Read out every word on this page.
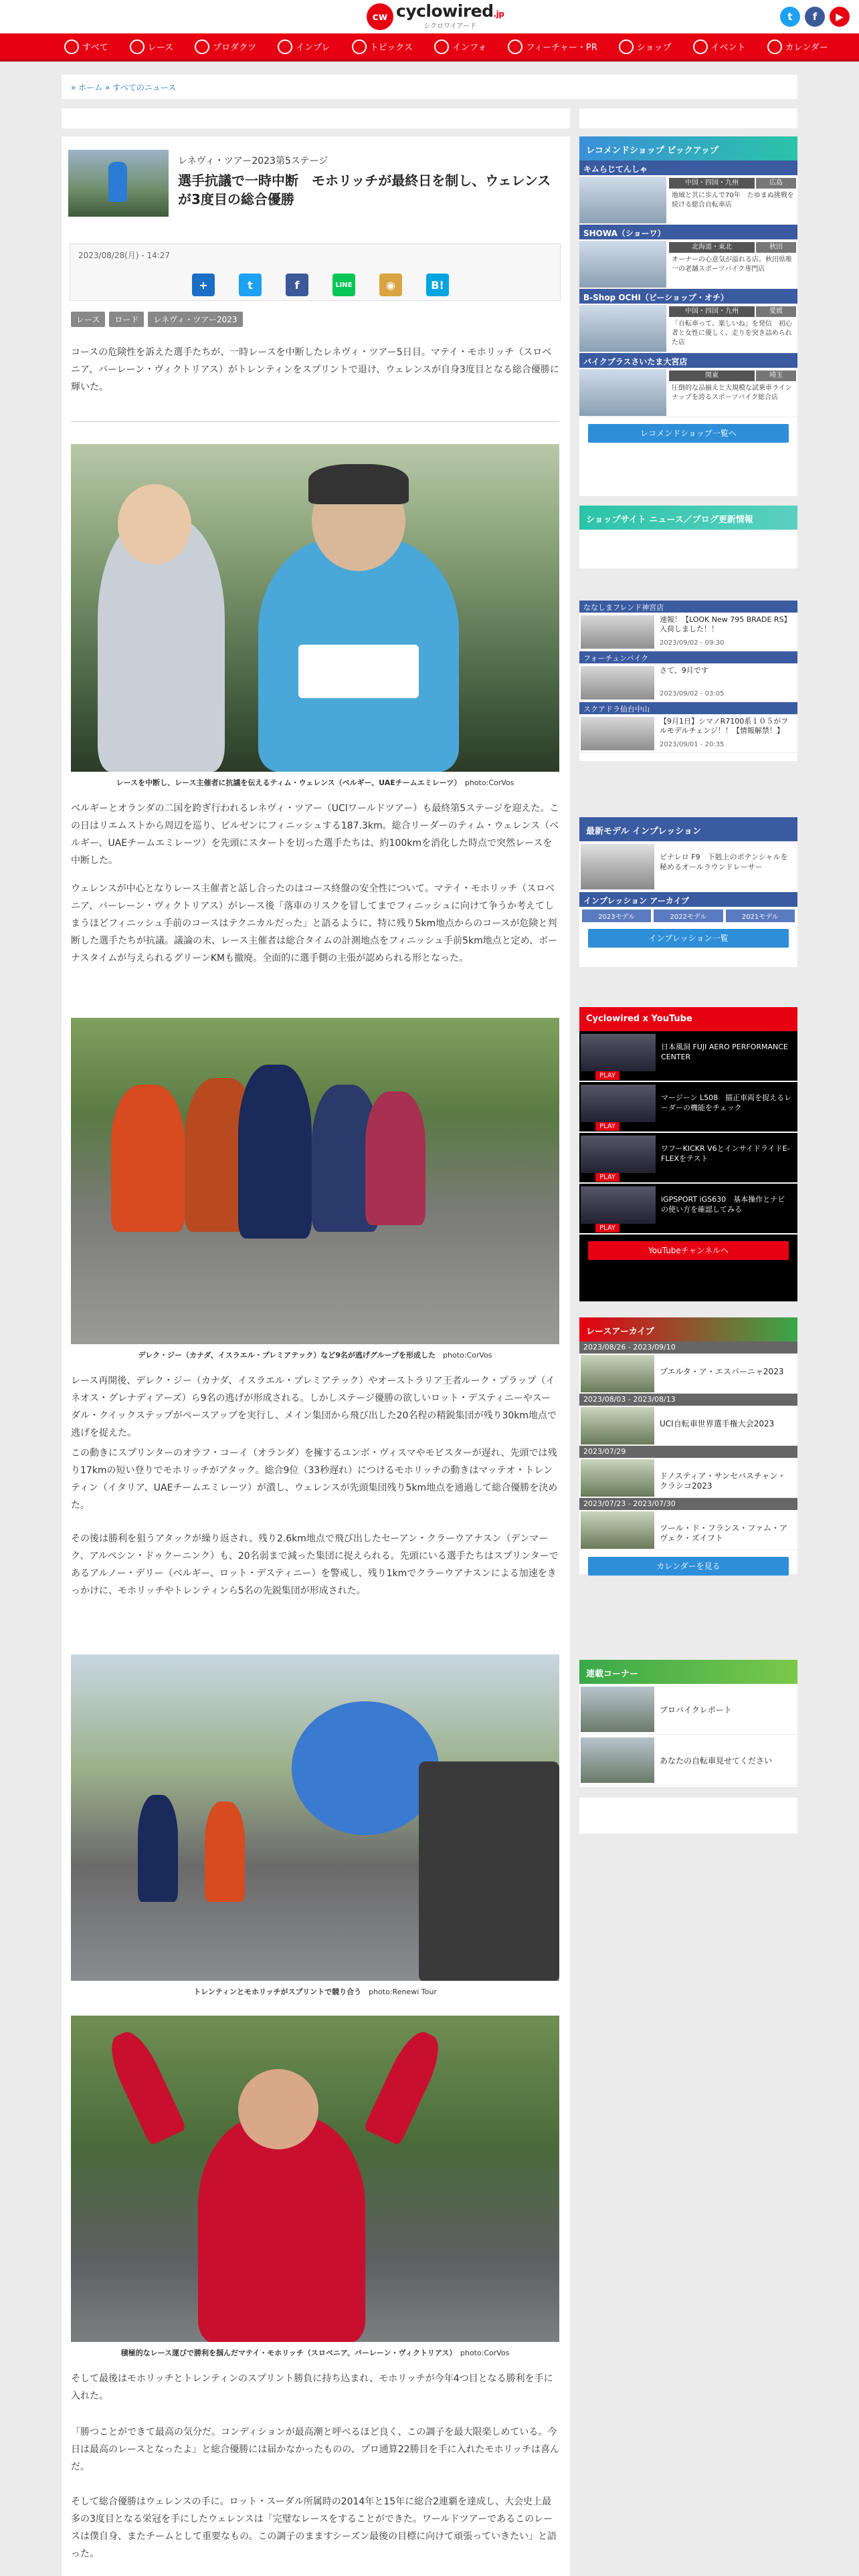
cw cyclowired.jp
シクロワイアード
t	f	▶
すべて	レース	プロダクツ	インプレ	トピックス	インフォ	フィーチャー・PR	ショップ	イベント	カレンダー
» ホーム » すべてのニュース
レネヴィ・ツアー2023第5ステージ
選手抗議で一時中断　モホリッチが最終日を制し、ウェレンスが3度目の総合優勝
2023/08/28(月) - 14:27
+	t	f	LINE	◉	B!
レース	ロード	レネヴィ・ツアー2023
コースの危険性を訴えた選手たちが、一時レースを中断したレネヴィ・ツアー5日目。マテイ・モホリッチ（スロベニア、バーレーン・ヴィクトリアス）がトレンティンをスプリントで退け、ウェレンスが自身3度目となる総合優勝に輝いた。
レースを中断し、レース主催者に抗議を伝えるティム・ウェレンス（ベルギー、UAEチームエミレーツ）　 photo:CorVos
ベルギーとオランダの二国を跨ぎ行われるレネヴィ・ツアー（UCIワールドツアー）も最終第5ステージを迎えた。この日はリエムストから周辺を巡り、ビルゼンにフィニッシュする187.3km。総合リーダーのティム・ウェレンス（ベルギー、UAEチームエミレーツ）を先頭にスタートを切った選手たちは、約100kmを消化した時点で突然レースを中断した。
ウェレンスが中心となりレース主催者と話し合ったのはコース終盤の安全性について。マテイ・モホリッチ（スロベニア、バーレーン・ヴィクトリアス）がレース後「落車のリスクを冒してまでフィニッシュに向けて争うか考えてしまうほどフィニッシュ手前のコースはテクニカルだった」と語るように、特に残り5km地点からのコースが危険と判断した選手たちが抗議。議論の末、レース主催者は総合タイムの計測地点をフィニッシュ手前5km地点と定め、ボーナスタイムが与えられるグリーンKMも撤廃。全面的に選手側の主張が認められる形となった。
デレク・ジー（カナダ、イスラエル・プレミアテック）など9名が逃げグループを形成した　 photo:CorVos
レース再開後、デレク・ジー（カナダ、イスラエル・プレミアテック）やオーストラリア王者ルーク・プラップ（イネオス・グレナディアーズ）ら9名の逃げが形成される。しかしステージ優勝の欲しいロット・デスティニーやスーダル・クイックステップがペースアップを実行し、メイン集団から飛び出した20名程の精鋭集団が残り30km地点で逃げを捉えた。
この動きにスプリンターのオラフ・コーイ（オランダ）を擁するユンボ・ヴィスマやモビスターが遅れ、先頭では残り17kmの短い登りでモホリッチがアタック。総合9位（33秒遅れ）につけるモホリッチの動きはマッテオ・トレンティン（イタリア、UAEチームエミレーツ）が潰し、ウェレンスが先頭集団残り5km地点を通過して総合優勝を決めた。
その後は勝利を狙うアタックが繰り返され、残り2.6km地点で飛び出したセーアン・クラーウアナスン（デンマーク、アルペシン・ドゥクーニンク）も、20名弱まで減った集団に捉えられる。先頭にいる選手たちはスプリンターであるアルノー・デリー（ベルギー、ロット・デスティニー）を警戒し、残り1kmでクラーウアナスンによる加速をきっかけに、モホリッチやトレンティンら5名の先鋭集団が形成された。
トレンティンとモホリッチがスプリントで競り合う　 photo:Renewi Tour
積極的なレース運びで勝利を掴んだマテイ・モホリッチ（スロベニア、バーレーン・ヴィクトリアス）　 photo:CorVos
そして最後はモホリッチとトレンティンのスプリント勝負に持ち込まれ、モホリッチが今年4つ目となる勝利を手に入れた。
「勝つことができて最高の気分だ。コンディションが最高潮と呼べるほど良く、この調子を最大限楽しめている。今日は最高のレースとなったよ」と総合優勝には届かなかったものの、プロ通算22勝目を手に入れたモホリッチは喜んだ。
そして総合優勝はウェレンスの手に。ロット・スーダル所属時の2014年と15年に総合2連覇を達成し、大会史上最多の3度目となる栄冠を手にしたウェレンスは「完璧なレースをすることができた。ワールドツアーであるこのレースは僕自身、またチームとして重要なもの。この調子のまますシーズン最後の目標に向けて頑張っていきたい」と語った。
レコメンドショップ ピックアップ
キムらじてんしゃ
中国・四国・九州	広島
地域と共に歩んで70年　たゆまぬ挑戦を続ける総合自転車店
SHOWA（ショーワ）
北海道・東北	秋田
オーナーの心意気が溢れる店。秋田県唯一の老舗スポーツバイク専門店
B-Shop OCHI（ビーショップ・オチ）
中国・四国・九州	愛媛
「自転車って、楽しいね」を発信　初心者と女性に優しく、走りを突き詰められた店
バイクプラスさいたま大宮店
関東	埼玉
圧倒的な品揃えと大規模な試乗車ラインナップを誇るスポーツバイク総合店
レコメンドショップ一覧へ
ショップサイト ニュース／ブログ更新情報
ななしまフレンド神宮店
速報！【LOOK New 795 BRADE RS】入荷しました！！
2023/09/02 - 09:30
フォーチュンバイク
さて、9月です
2023/09/02 - 03:05
スクアドラ仙台中山
【9月1日】シマノR7100系１０５がフルモデルチェンジ！！【情報解禁！】
2023/09/01 - 20:35
最新モデル インプレッション
ピナレロ F9　下剋上のポテンシャルを秘めるオールラウンドレーサー
インプレッション アーカイブ
2023モデル	2022モデル	2021モデル
インプレッション一覧
Cyclowired x YouTube
PLAY
日本風洞 FUJI AERO PERFORMANCE CENTER
PLAY
マージーン L508　描正車両を捉えるレーダーの機能をチェック
PLAY
ワフーKICKR V6とインサイドライドE-FLEXをテスト
PLAY
iGPSPORT iGS630　基本操作とナビの使い方を確認してみる
YouTubeチャンネルへ
レースアーカイブ
2023/08/26 - 2023/09/10
ブエルタ・ア・エスパーニャ2023
2023/08/03 - 2023/08/13
UCI自転車世界選手権大会2023
2023/07/29
ドノスティア・サンセバスチャン・クラシコ2023
2023/07/23 - 2023/07/30
ツール・ド・フランス・ファム・アヴェク・ズイフト
カレンダーを見る
連載コーナー
プロバイクレポート
あなたの自転車見せてください
